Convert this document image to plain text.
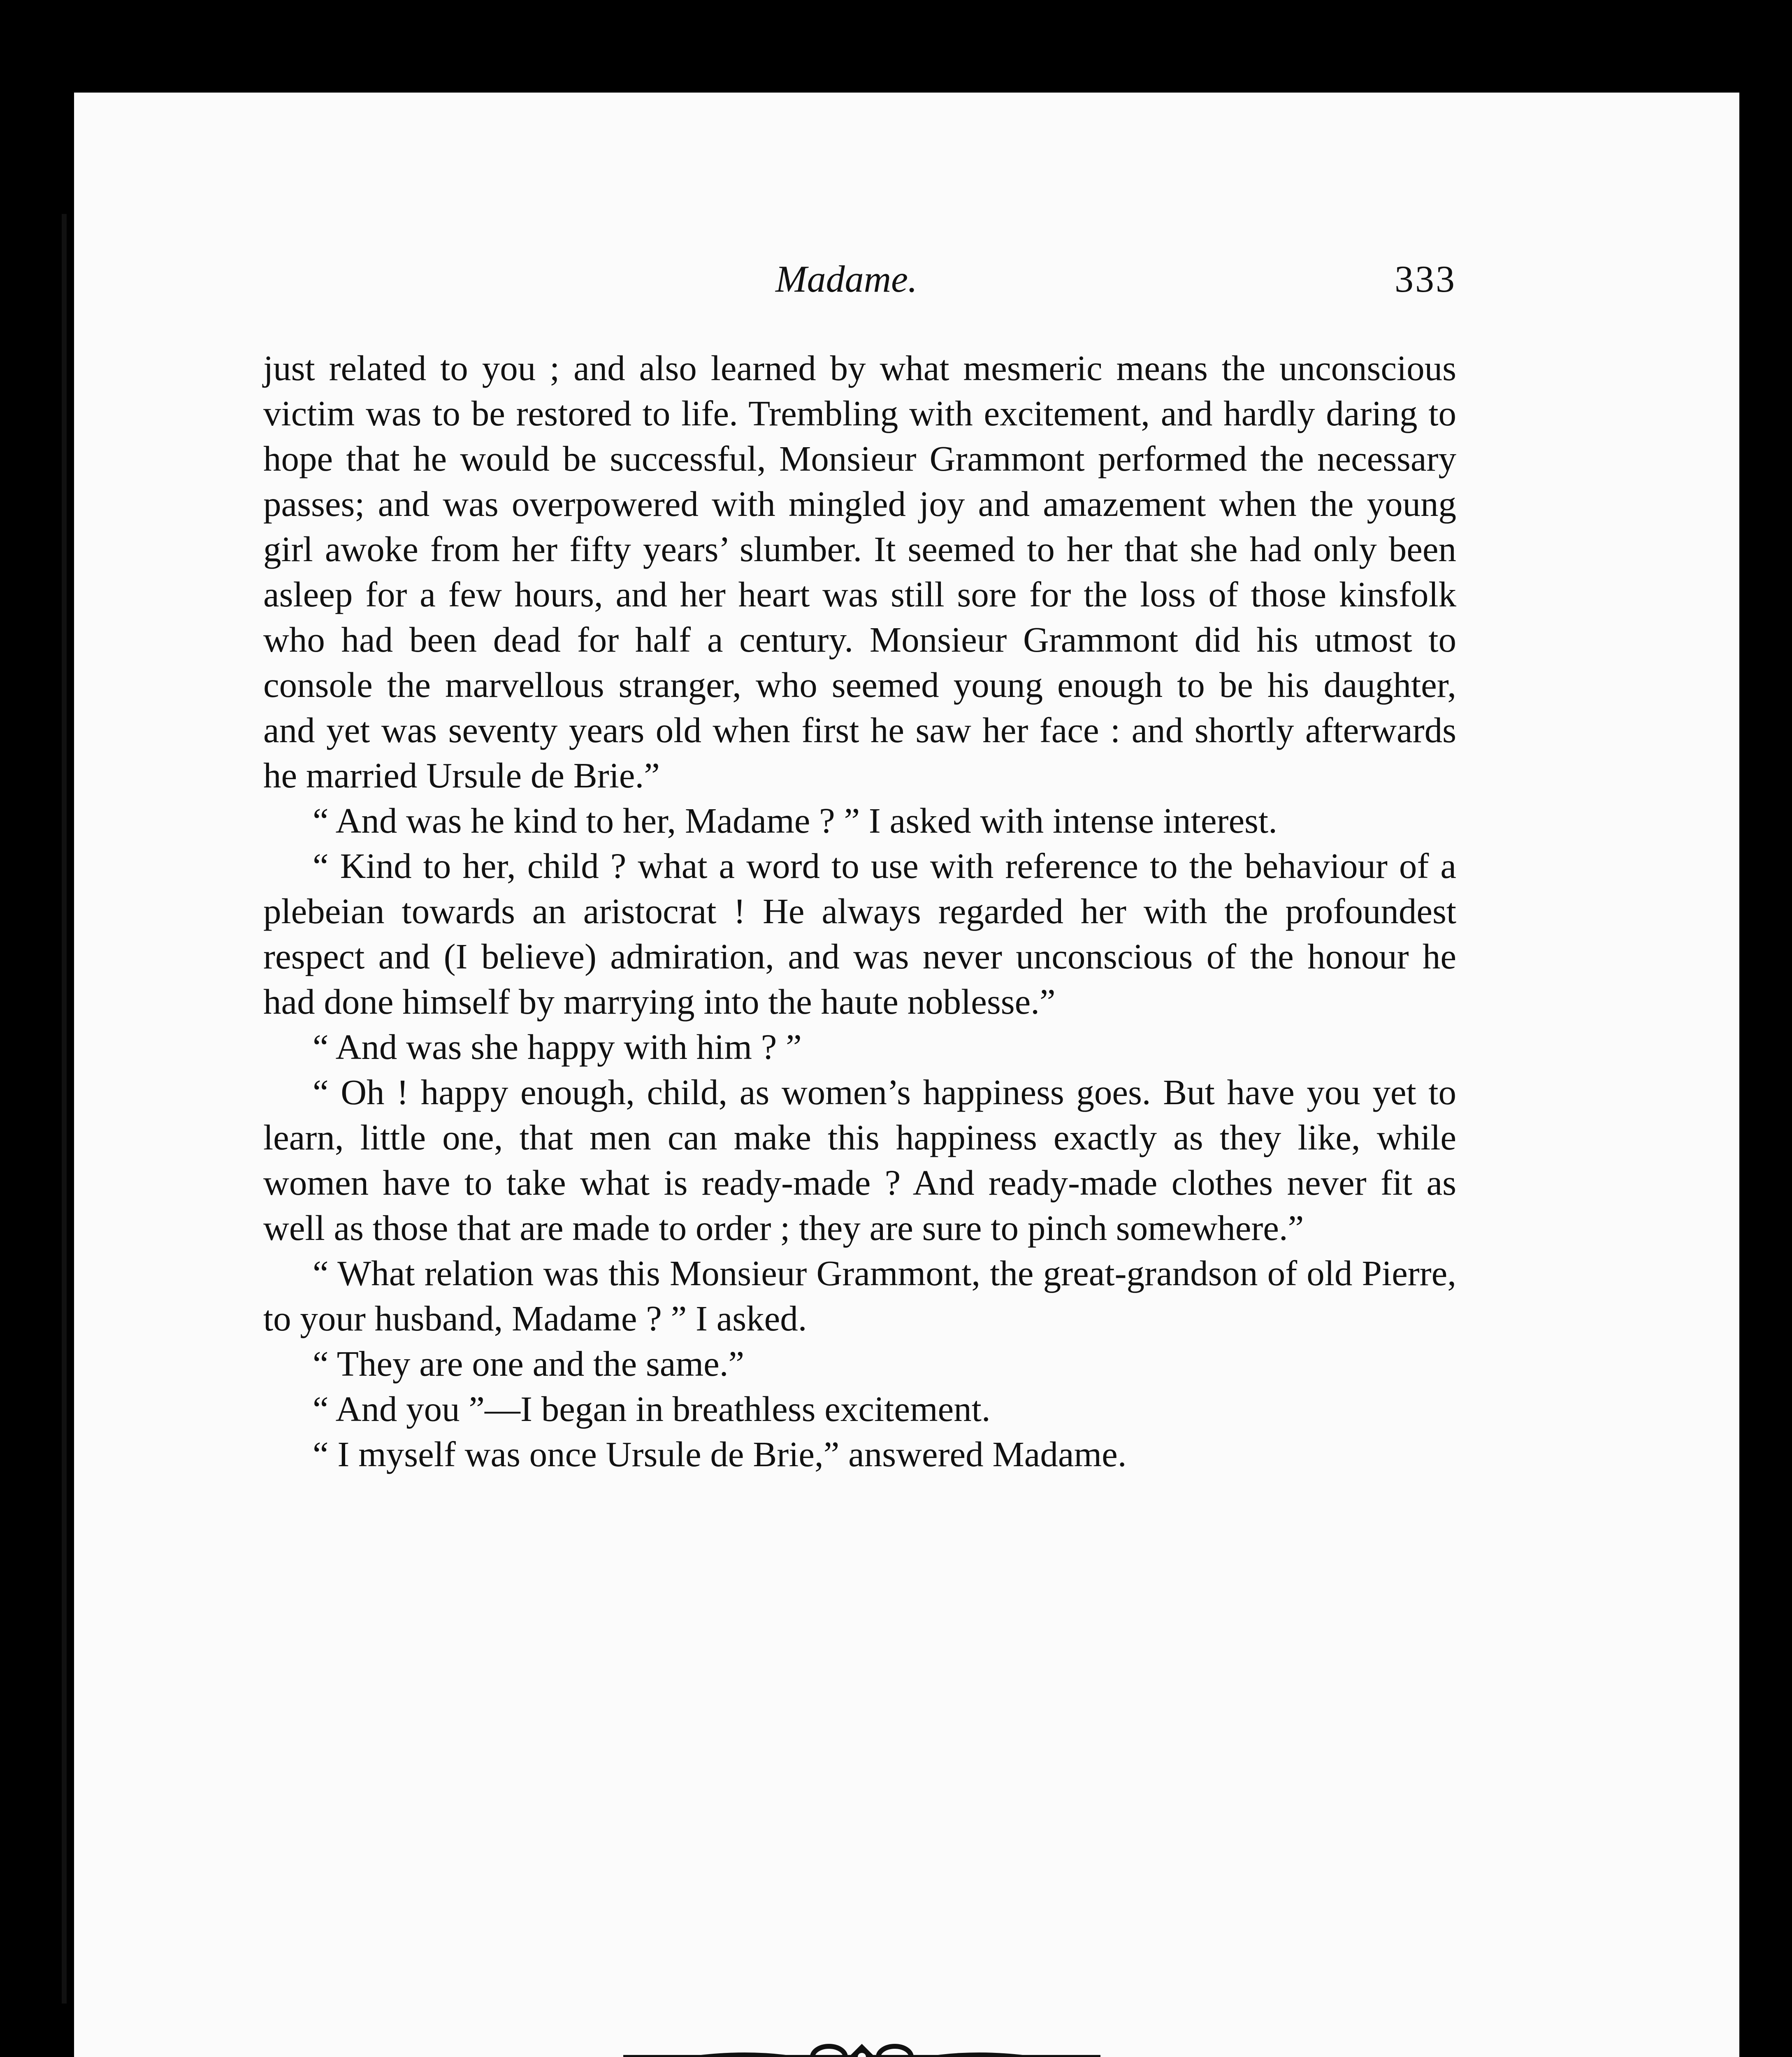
Madame.	333

just related to you ; and also learned by what mesmeric means the unconscious victim was to be restored to life. Trembling with excitement, and hardly daring to hope that he would be successful, Monsieur Grammont performed the necessary passes; and was overpowered with mingled joy and amazement when the young girl awoke from her fifty years’ slumber. It seemed to her that she had only been asleep for a few hours, and her heart was still sore for the loss of those kinsfolk who had been dead for half a century. Monsieur Grammont did his utmost to console the marvellous stranger, who seemed young enough to be his daughter, and yet was seventy years old when first he saw her face : and shortly afterwards he married Ursule de Brie.”

“ And was he kind to her, Madame ? ” I asked with intense interest.

“ Kind to her, child ? what a word to use with reference to the behaviour of a plebeian towards an aristocrat ! He always regarded her with the profoundest respect and (I believe) admiration, and was never unconscious of the honour he had done himself by marrying into the haute noblesse.”

“ And was she happy with him ? ”

“ Oh ! happy enough, child, as women’s happiness goes. But have you yet to learn, little one, that men can make this happiness exactly as they like, while women have to take what is ready-made ? And ready-made clothes never fit as well as those that are made to order ; they are sure to pinch somewhere.”

“ What relation was this Monsieur Grammont, the great-grandson of old Pierre, to your husband, Madame ? ” I asked.

“ They are one and the same.”

“ And you ”—I began in breathless excitement.

“ I myself was once Ursule de Brie,” answered Madame.
